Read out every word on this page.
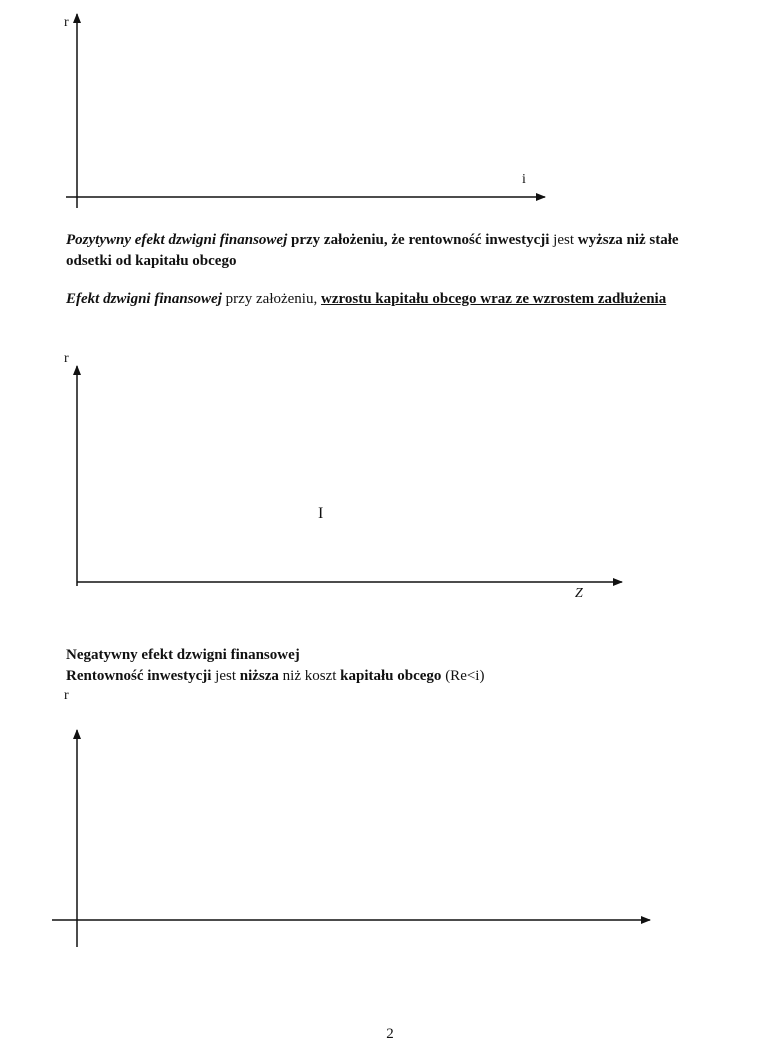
r
i
Pozytywny efekt dzwigni finansowej przy założeniu, że rentowność inwestycji jest wyższa niż stałe odsetki od kapitału obcego
Efekt dzwigni finansowej przy założeniu, wzrostu kapitału obcego wraz ze wzrostem zadłużenia
r
I
Z
Negatywny efekt dzwigni finansowej
Rentowność inwestycji jest niższa niż koszt kapitału obcego (Re<i)
r
2
